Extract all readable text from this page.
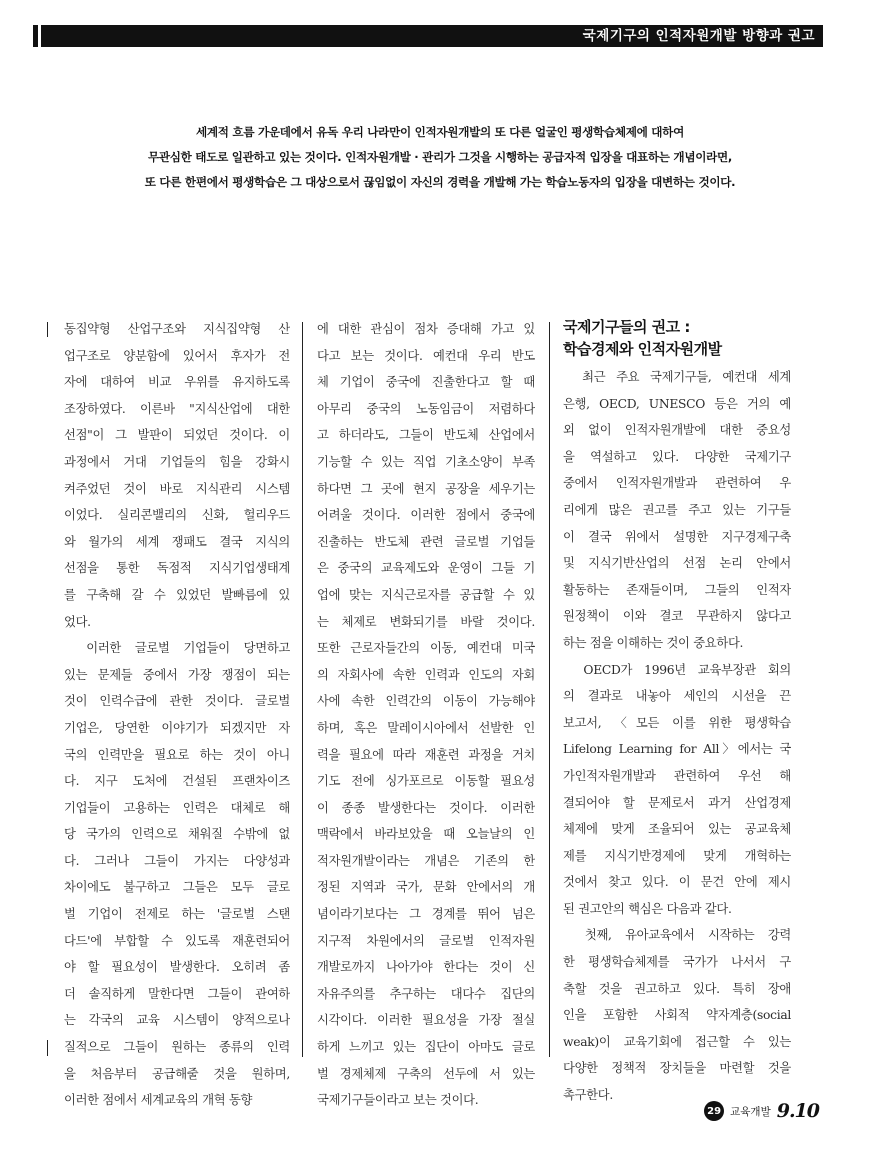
국제기구의 인적자원개발 방향과 권고
세계적 흐름 가운데에서 유독 우리 나라만이 인적자원개발의 또 다른 얼굴인 평생학습체제에 대하여
무관심한 태도로 일관하고 있는 것이다. 인적자원개발 · 관리가 그것을 시행하는 공급자적 입장을 대표하는 개념이라면,
또 다른 한편에서 평생학습은 그 대상으로서 끊임없이 자신의 경력을 개발해 가는 학습노동자의 입장을 대변하는 것이다.
동집약형 산업구조와 지식집약형 산
업구조로 양분함에 있어서 후자가 전
자에 대하여 비교 우위를 유지하도록
조장하였다. 이른바 "지식산업에 대한
선점"이 그 발판이 되었던 것이다. 이
과정에서 거대 기업들의 힘을 강화시
켜주었던 것이 바로 지식관리 시스템
이었다. 실리콘밸리의 신화, 헐리우드
와 월가의 세계 쟁패도 결국 지식의
선점을 통한 독점적 지식기업생태계
를 구축해 갈 수 있었던 발빠름에 있
었다.
　이러한 글로벌 기업들이 당면하고
있는 문제들 중에서 가장 쟁점이 되는
것이 인력수급에 관한 것이다. 글로벌
기업은, 당연한 이야기가 되겠지만 자
국의 인력만을 필요로 하는 것이 아니
다. 지구 도처에 건설된 프랜차이즈
기업들이 고용하는 인력은 대체로 해
당 국가의 인력으로 채워질 수밖에 없
다. 그러나 그들이 가지는 다양성과
차이에도 불구하고 그들은 모두 글로
벌 기업이 전제로 하는 '글로벌 스탠
다드'에 부합할 수 있도록 재훈련되어
야 할 필요성이 발생한다. 오히려 좀
더 솔직하게 말한다면 그들이 관여하
는 각국의 교육 시스템이 양적으로나
질적으로 그들이 원하는 종류의 인력
을 처음부터 공급해줄 것을 원하며,
이러한 점에서 세계교육의 개혁 동향
에 대한 관심이 점차 증대해 가고 있
다고 보는 것이다. 예컨대 우리 반도
체 기업이 중국에 진출한다고 할 때
아무리 중국의 노동임금이 저렴하다
고 하더라도, 그들이 반도체 산업에서
기능할 수 있는 직업 기초소양이 부족
하다면 그 곳에 현지 공장을 세우기는
어려울 것이다. 이러한 점에서 중국에
진출하는 반도체 관련 글로벌 기업들
은 중국의 교육제도와 운영이 그들 기
업에 맞는 지식근로자를 공급할 수 있
는 체제로 변화되기를 바랄 것이다.
또한 근로자들간의 이동, 예컨대 미국
의 자회사에 속한 인력과 인도의 자회
사에 속한 인력간의 이동이 가능해야
하며, 혹은 말레이시아에서 선발한 인
력을 필요에 따라 재훈련 과정을 거치
기도 전에 싱가포르로 이동할 필요성
이 종종 발생한다는 것이다. 이러한
맥락에서 바라보았을 때 오늘날의 인
적자원개발이라는 개념은 기존의 한
정된 지역과 국가, 문화 안에서의 개
념이라기보다는 그 경계를 뛰어 넘은
지구적 차원에서의 글로벌 인적자원
개발로까지 나아가야 한다는 것이 신
자유주의를 추구하는 대다수 집단의
시각이다. 이러한 필요성을 가장 절실
하게 느끼고 있는 집단이 아마도 글로
벌 경제체제 구축의 선두에 서 있는
국제기구들이라고 보는 것이다.
국제기구들의 권고 :
학습경제와 인적자원개발
　최근 주요 국제기구들, 예컨대 세계
은행, OECD, UNESCO 등은 거의 예
외 없이 인적자원개발에 대한 중요성
을 역설하고 있다. 다양한 국제기구
중에서 인적자원개발과 관련하여 우
리에게 많은 권고를 주고 있는 기구들
이 결국 위에서 설명한 지구경제구축
및 지식기반산업의 선점 논리 안에서
활동하는 존재들이며, 그들의 인적자
원정책이 이와 결코 무관하지 않다고
하는 점을 이해하는 것이 중요하다.
　OECD가 1996년 교육부장관 회의
의 결과로 내놓아 세인의 시선을 끈
보고서, 〈모든 이를 위한 평생학습
Lifelong Learning for All〉에서는 국
가인적자원개발과 관련하여 우선 해
결되어야 할 문제로서 과거 산업경제
체제에 맞게 조율되어 있는 공교육체
제를 지식기반경제에 맞게 개혁하는
것에서 찾고 있다. 이 문건 안에 제시
된 권고안의 핵심은 다음과 같다.
　첫째, 유아교육에서 시작하는 강력
한 평생학습체제를 국가가 나서서 구
축할 것을 권고하고 있다. 특히 장애
인을 포함한 사회적 약자계층(social
weak)이 교육기회에 접근할 수 있는
다양한 정책적 장치들을 마련할 것을
촉구한다.
29 교육개발 9.10
